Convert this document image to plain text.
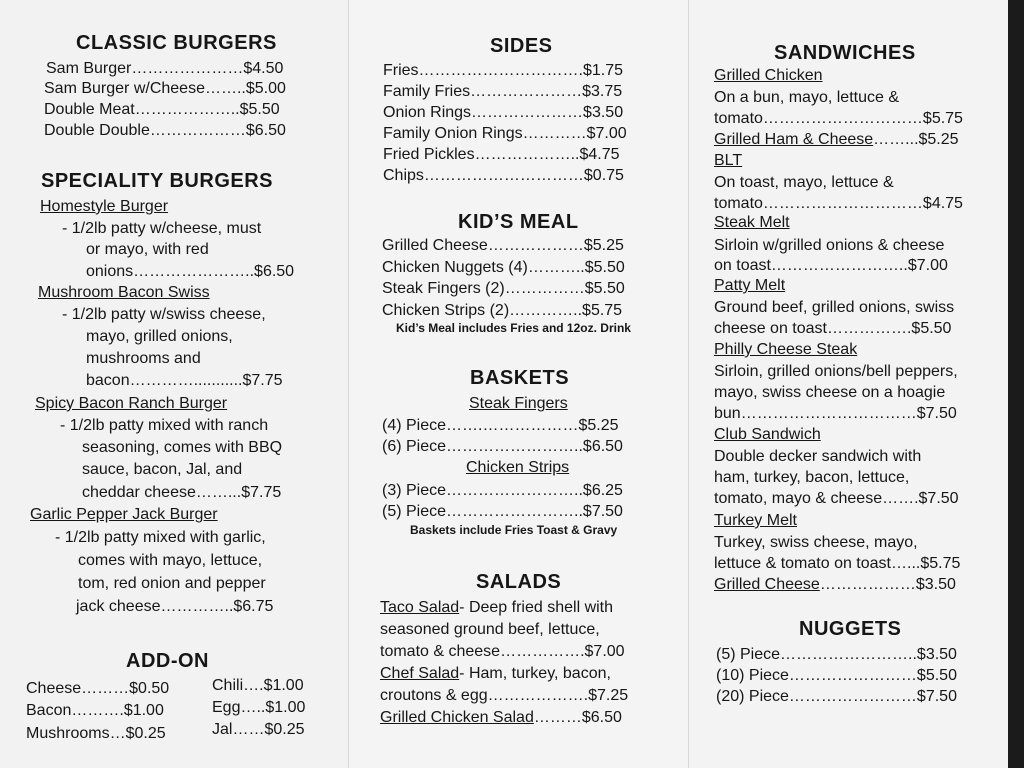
CLASSIC BURGERS
Sam Burger…………………$4.50
Sam Burger w/Cheese……..$5.00
Double Meat………………..$5.50
Double Double………………$6.50
SPECIALITY BURGERS
Homestyle Burger
- 1/2lb patty w/cheese, must
or mayo, with red
onions…………………..$6.50
Mushroom Bacon Swiss
- 1/2lb patty w/swiss cheese,
mayo, grilled onions,
mushrooms and
bacon…………...........$7.75
Spicy Bacon Ranch Burger
- 1/2lb patty mixed with ranch
seasoning, comes with BBQ
sauce, bacon, Jal, and
cheddar cheese……...$7.75
Garlic Pepper Jack Burger
- 1/2lb patty mixed with garlic,
comes with mayo, lettuce,
tom, red onion and pepper
jack cheese…………..$6.75
ADD-ON
Cheese………$0.50	Chili….$1.00
Bacon……….$1.00	Egg…..$1.00
Mushrooms…$0.25	Jal……$0.25
SIDES
Fries………………………….$1.75
Family Fries…………………$3.75
Onion Rings…………………$3.50
Family Onion Rings…………$7.00
Fried Pickles………………..$4.75
Chips…………………………$0.75
KID’S MEAL
Grilled Cheese………………$5.25
Chicken Nuggets (4)………..$5.50
Steak Fingers (2)……………$5.50
Chicken Strips (2)…………..$5.75
Kid’s Meal includes Fries and 12oz. Drink
BASKETS
Steak Fingers
(4) Piece…….………………$5.25
(6) Piece……………………..$6.50
Chicken Strips
(3) Piece……………………..$6.25
(5) Piece……………………..$7.50
Baskets include Fries Toast & Gravy
SALADS
Taco Salad- Deep fried shell with
seasoned ground beef, lettuce,
tomato & cheese…………….$7.00
Chef Salad- Ham, turkey, bacon,
croutons & egg……………….$7.25
Grilled Chicken Salad………$6.50
SANDWICHES
Grilled Chicken
On a bun, mayo, lettuce &
tomato…………………………$5.75
Grilled Ham & Cheese……...$5.25
BLT
On toast, mayo, lettuce &
tomato…………………………$4.75
Steak Melt
Sirloin w/grilled onions & cheese
on toast……………………..$7.00
Patty Melt
Ground beef, grilled onions, swiss
cheese on toast…………….$5.50
Philly Cheese Steak
Sirloin, grilled onions/bell peppers,
mayo, swiss cheese on a hoagie
bun……………………………$7.50
Club Sandwich
Double decker sandwich with
ham, turkey, bacon, lettuce,
tomato, mayo & cheese…….$7.50
Turkey Melt
Turkey, swiss cheese, mayo,
lettuce & tomato on toast…...$5.75
Grilled Cheese………………$3.50
NUGGETS
(5) Piece……………………..$3.50
(10) Piece……………………$5.50
(20) Piece……………………$7.50
